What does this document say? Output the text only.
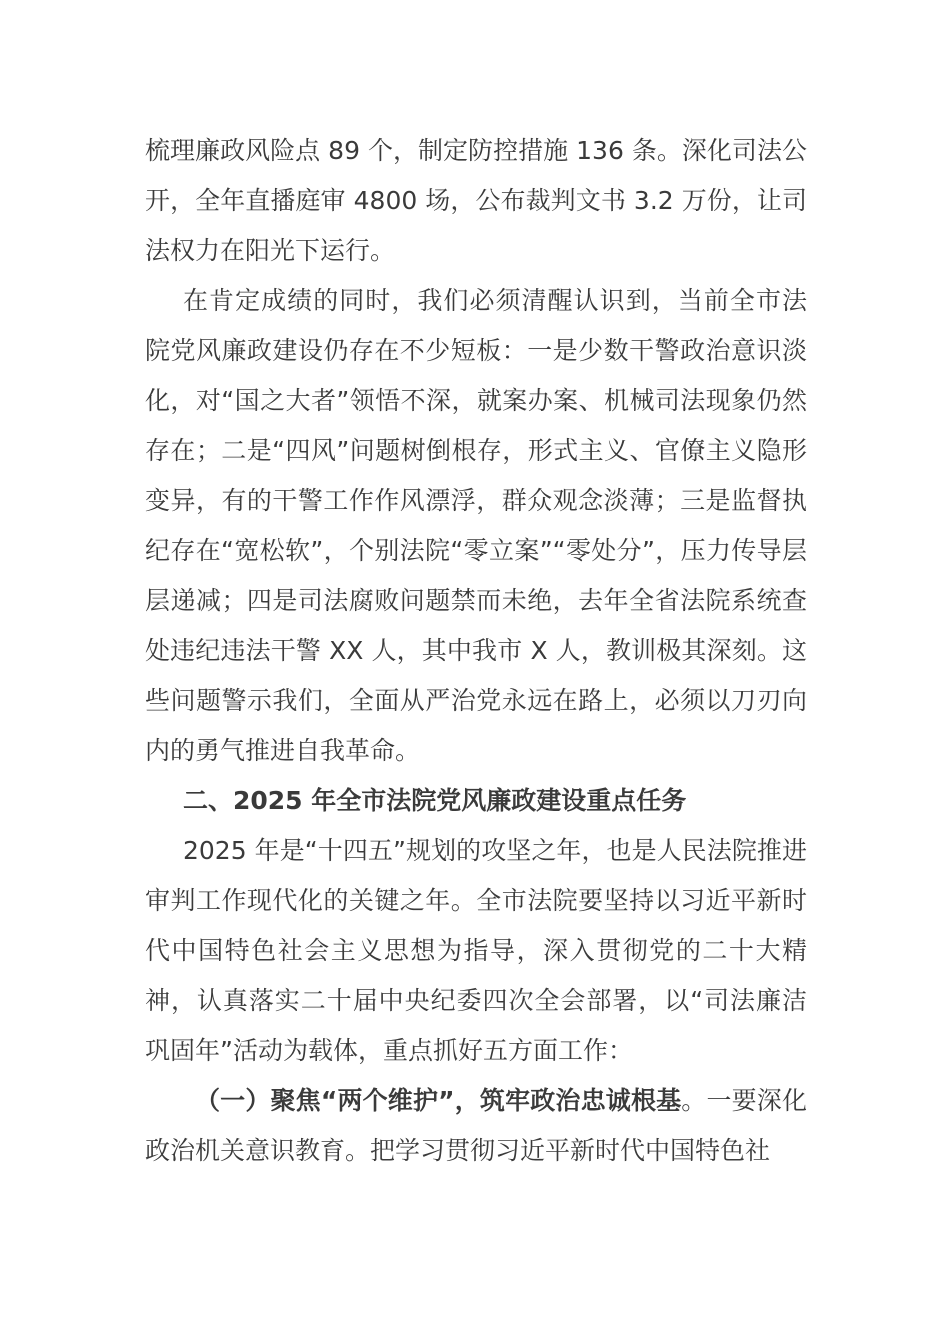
梳理廉政风险点 89 个，制定防控措施 136 条。深化司法公开，全年直播庭审 4800 场，公布裁判文书 3.2 万份，让司法权力在阳光下运行。

在肯定成绩的同时，我们必须清醒认识到，当前全市法院党风廉政建设仍存在不少短板：一是少数干警政治意识淡化，对“国之大者”领悟不深，就案办案、机械司法现象仍然存在；二是“四风”问题树倒根存，形式主义、官僚主义隐形变异，有的干警工作作风漂浮，群众观念淡薄；三是监督执纪存在“宽松软”，个别法院“零立案”“零处分”，压力传导层层递减；四是司法腐败问题禁而未绝，去年全省法院系统查处违纪违法干警 XX 人，其中我市 X 人，教训极其深刻。这些问题警示我们，全面从严治党永远在路上，必须以刀刃向内的勇气推进自我革命。

二、2025 年全市法院党风廉政建设重点任务

2025 年是“十四五”规划的攻坚之年，也是人民法院推进审判工作现代化的关键之年。全市法院要坚持以习近平新时代中国特色社会主义思想为指导，深入贯彻党的二十大精神，认真落实二十届中央纪委四次全会部署，以“司法廉洁巩固年”活动为载体，重点抓好五方面工作：

（一）聚焦“两个维护”，筑牢政治忠诚根基。一要深化政治机关意识教育。把学习贯彻习近平新时代中国特色社
